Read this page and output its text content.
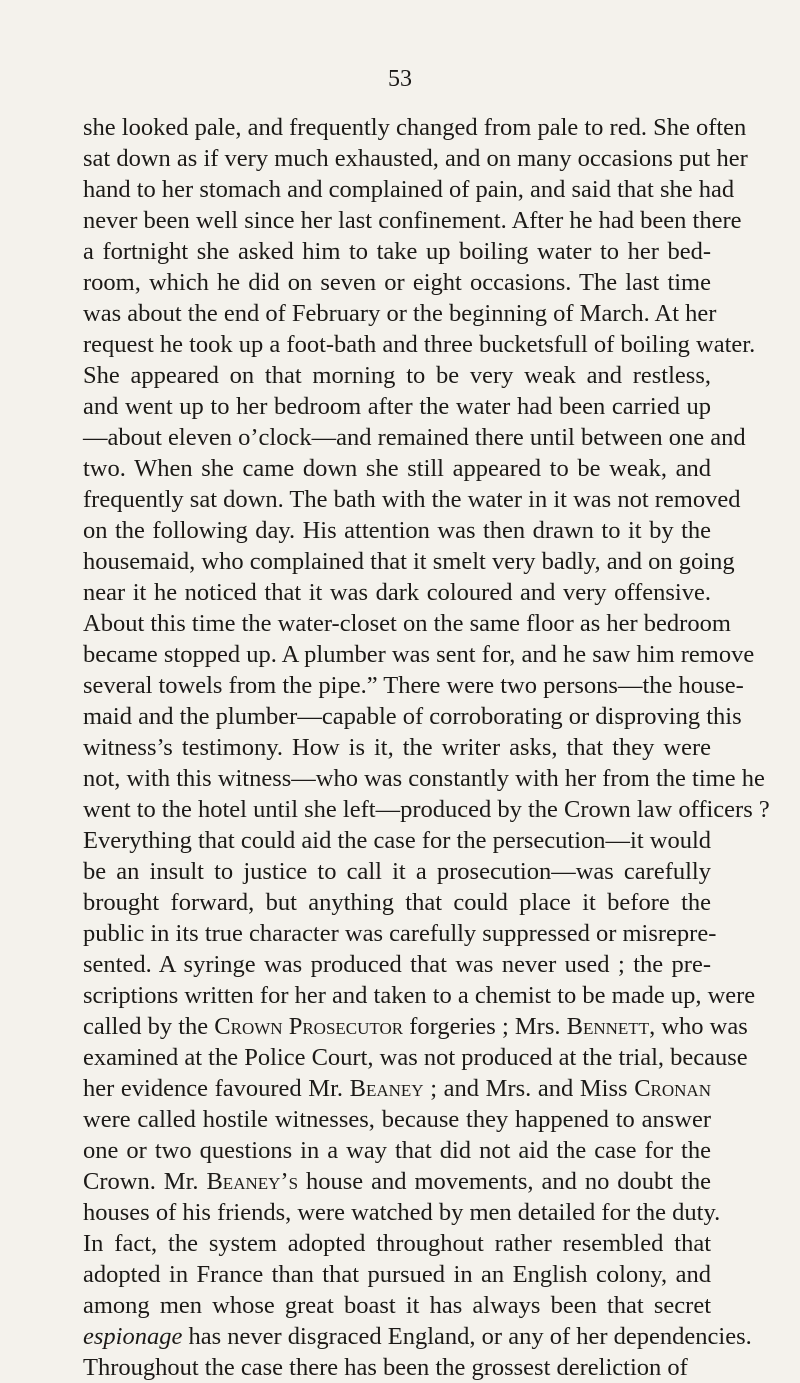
53
she looked pale, and frequently changed from pale to red. She often
sat down as if very much exhausted, and on many occasions put her
hand to her stomach and complained of pain, and said that she had
never been well since her last confinement. After he had been there
a fortnight she asked him to take up boiling water to her bed-
room, which he did on seven or eight occasions. The last time
was about the end of February or the beginning of March. At her
request he took up a foot-bath and three bucketsfull of boiling water.
She appeared on that morning to be very weak and restless,
and went up to her bedroom after the water had been carried up
—about eleven o’clock—and remained there until between one and
two. When she came down she still appeared to be weak, and
frequently sat down. The bath with the water in it was not removed
on the following day. His attention was then drawn to it by the
housemaid, who complained that it smelt very badly, and on going
near it he noticed that it was dark coloured and very offensive.
About this time the water-closet on the same floor as her bedroom
became stopped up. A plumber was sent for, and he saw him remove
several towels from the pipe.” There were two persons—the house-
maid and the plumber—capable of corroborating or disproving this
witness’s testimony. How is it, the writer asks, that they were
not, with this witness—who was constantly with her from the time he
went to the hotel until she left—produced by the Crown law officers ?
Everything that could aid the case for the persecution—it would
be an insult to justice to call it a prosecution—was carefully
brought forward, but anything that could place it before the
public in its true character was carefully suppressed or misrepre-
sented. A syringe was produced that was never used ; the pre-
scriptions written for her and taken to a chemist to be made up, were
called by the Crown Prosecutor forgeries ; Mrs. Bennett, who was
examined at the Police Court, was not produced at the trial, because
her evidence favoured Mr. Beaney ; and Mrs. and Miss Cronan
were called hostile witnesses, because they happened to answer
one or two questions in a way that did not aid the case for the
Crown. Mr. Beaney’s house and movements, and no doubt the
houses of his friends, were watched by men detailed for the duty.
In fact, the system adopted throughout rather resembled that
adopted in France than that pursued in an English colony, and
among men whose great boast it has always been that secret
espionage has never disgraced England, or any of her dependencies.
Throughout the case there has been the grossest dereliction of
